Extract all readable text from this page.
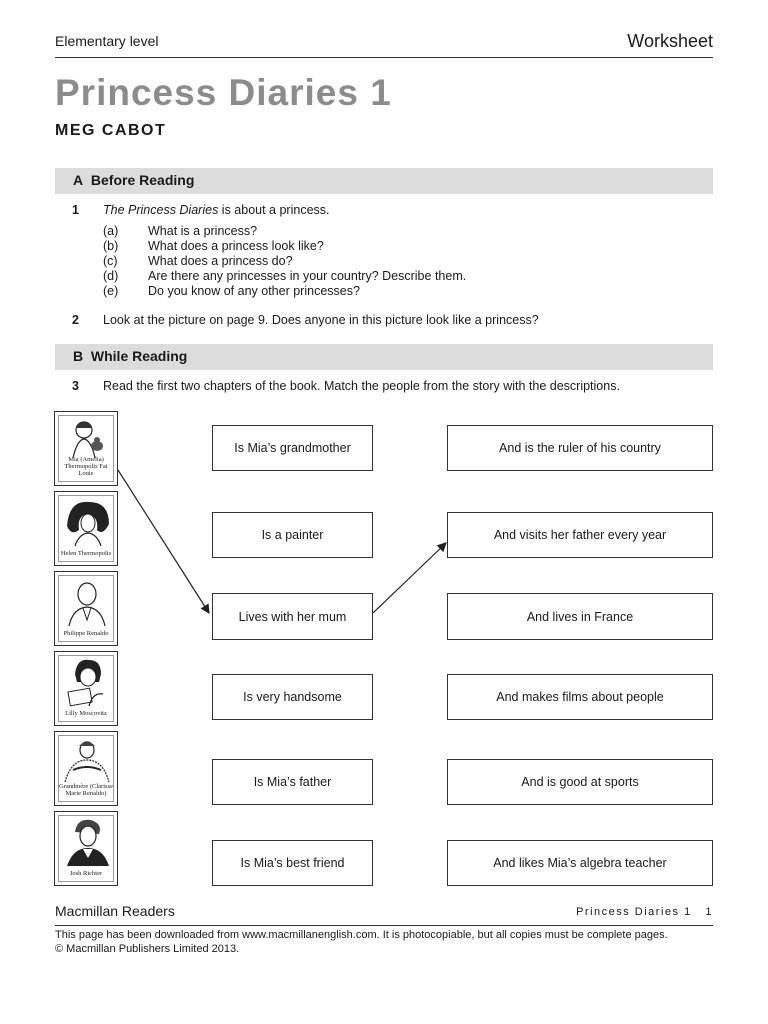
Elementary level	Worksheet
Princess Diaries 1
MEG CABOT
A Before Reading
1 The Princess Diaries is about a princess.
(a) What is a princess?
(b) What does a princess look like?
(c) What does a princess do?
(d) Are there any princesses in your country? Describe them.
(e) Do you know of any other princesses?
2 Look at the picture on page 9. Does anyone in this picture look like a princess?
B While Reading
3 Read the first two chapters of the book. Match the people from the story with the descriptions.
Mia (Amelia) Thermopolis Fat Louie
Helen Thermopolis
Philippe Renaldo
Lilly Moscovitz
Grandmère (Clarisse Marie Renaldo)
Josh Richter
Is Mia’s grandmother
Is a painter
Lives with her mum
Is very handsome
Is Mia’s father
Is Mia’s best friend
And is the ruler of his country
And visits her father every year
And lives in France
And makes films about people
And is good at sports
And likes Mia’s algebra teacher
Macmillan Readers	Princess Diaries 1 1
This page has been downloaded from www.macmillanenglish.com. It is photocopiable, but all copies must be complete pages.
© Macmillan Publishers Limited 2013.
